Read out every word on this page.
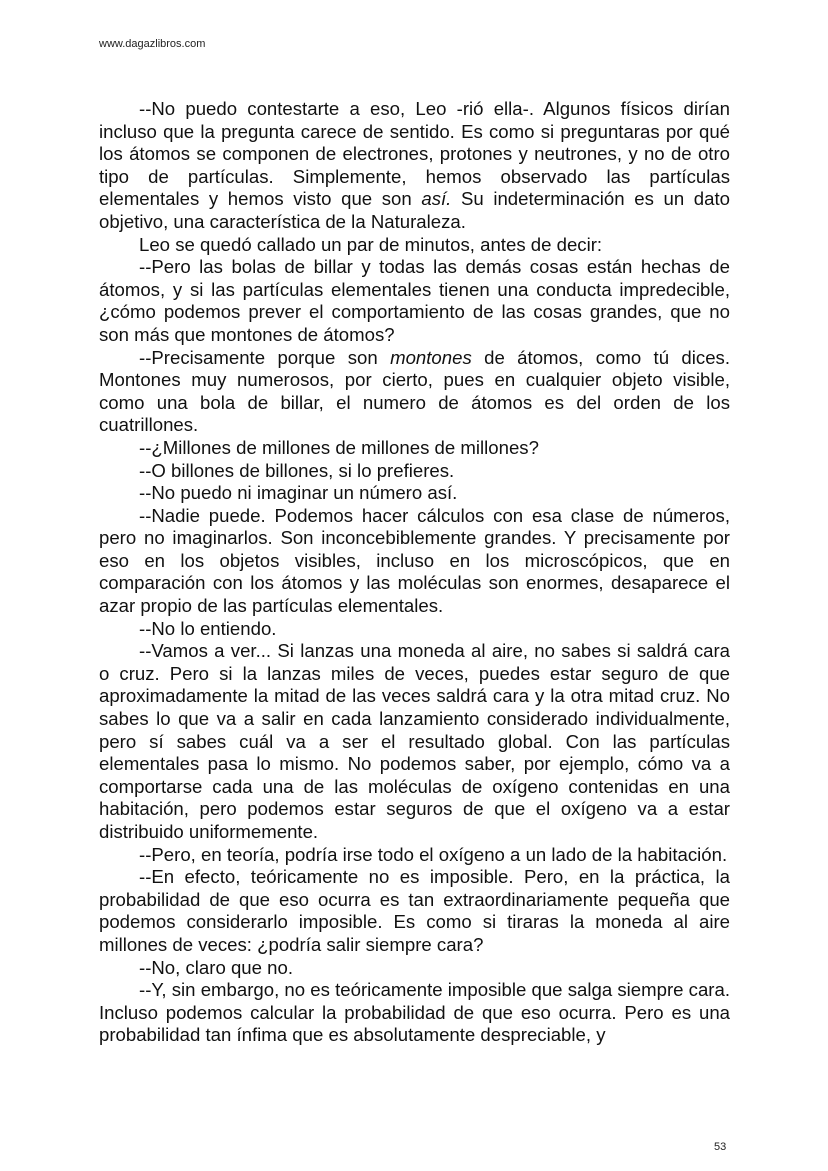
www.dagazlibros.com

--No puedo contestarte a eso, Leo -rió ella-. Algunos físicos dirían incluso que la pregunta carece de sentido. Es como si preguntaras por qué los átomos se componen de electrones, protones y neutrones, y no de otro tipo de partículas. Simplemente, hemos observado las partículas elementales y hemos visto que son así. Su indeterminación es un dato objetivo, una característica de la Naturaleza.

Leo se quedó callado un par de minutos, antes de decir:

--Pero las bolas de billar y todas las demás cosas están hechas de átomos, y si las partículas elementales tienen una conducta impredecible, ¿cómo podemos prever el comportamiento de las cosas grandes, que no son más que montones de átomos?

--Precisamente porque son montones de átomos, como tú dices. Montones muy numerosos, por cierto, pues en cualquier objeto visible, como una bola de billar, el numero de átomos es del orden de los cuatrillones.

--¿Millones de millones de millones de millones?

--O billones de billones, si lo prefieres.

--No puedo ni imaginar un número así.

--Nadie puede. Podemos hacer cálculos con esa clase de números, pero no imaginarlos. Son inconcebiblemente grandes. Y precisamente por eso en los objetos visibles, incluso en los microscópicos, que en comparación con los átomos y las moléculas son enormes, desaparece el azar propio de las partículas elementales.

--No lo entiendo.

--Vamos a ver... Si lanzas una moneda al aire, no sabes si saldrá cara o cruz. Pero si la lanzas miles de veces, puedes estar seguro de que aproximadamente la mitad de las veces saldrá cara y la otra mitad cruz. No sabes lo que va a salir en cada lanzamiento considerado individualmente, pero sí sabes cuál va a ser el resultado global. Con las partículas elementales pasa lo mismo. No podemos saber, por ejemplo, cómo va a comportarse cada una de las moléculas de oxígeno contenidas en una habitación, pero podemos estar seguros de que el oxígeno va a estar distribuido uniformemente.

--Pero, en teoría, podría irse todo el oxígeno a un lado de la habitación.

--En efecto, teóricamente no es imposible. Pero, en la práctica, la probabilidad de que eso ocurra es tan extraordinariamente pequeña que podemos considerarlo imposible. Es como si tiraras la moneda al aire millones de veces: ¿podría salir siempre cara?

--No, claro que no.

--Y, sin embargo, no es teóricamente imposible que salga siempre cara. Incluso podemos calcular la probabilidad de que eso ocurra. Pero es una probabilidad tan ínfima que es absolutamente despreciable, y

53
